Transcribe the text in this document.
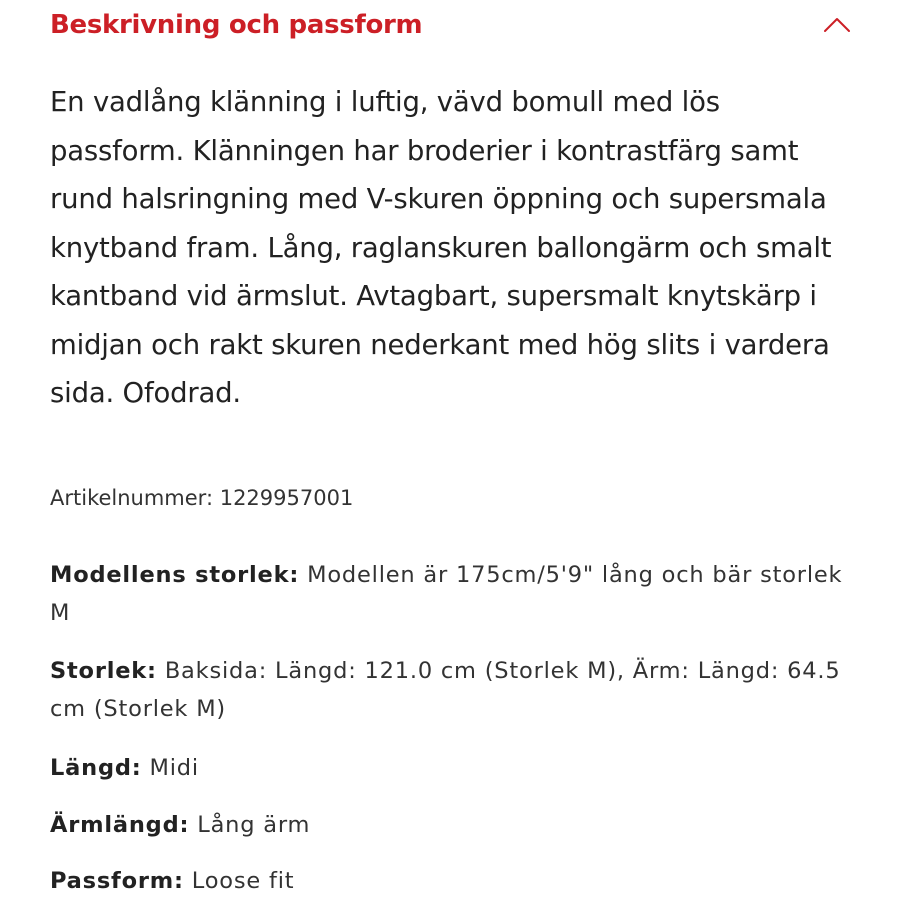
Beskrivning och passform

En vadlång klänning i luftig, vävd bomull med lös passform. Klänningen har broderier i kontrastfärg samt rund halsringning med V-skuren öppning och supersmala knytband fram. Lång, raglanskuren ballongärm och smalt kantband vid ärmslut. Avtagbart, supersmalt knytskärp i midjan och rakt skuren nederkant med hög slits i vardera sida. Ofodrad.

Artikelnummer: 1229957001

Modellens storlek: Modellen är 175cm/5'9" lång och bär storlek M

Storlek: Baksida: Längd: 121.0 cm (Storlek M), Ärm: Längd: 64.5 cm (Storlek M)

Längd: Midi

Ärmlängd: Lång ärm

Passform: Loose fit
